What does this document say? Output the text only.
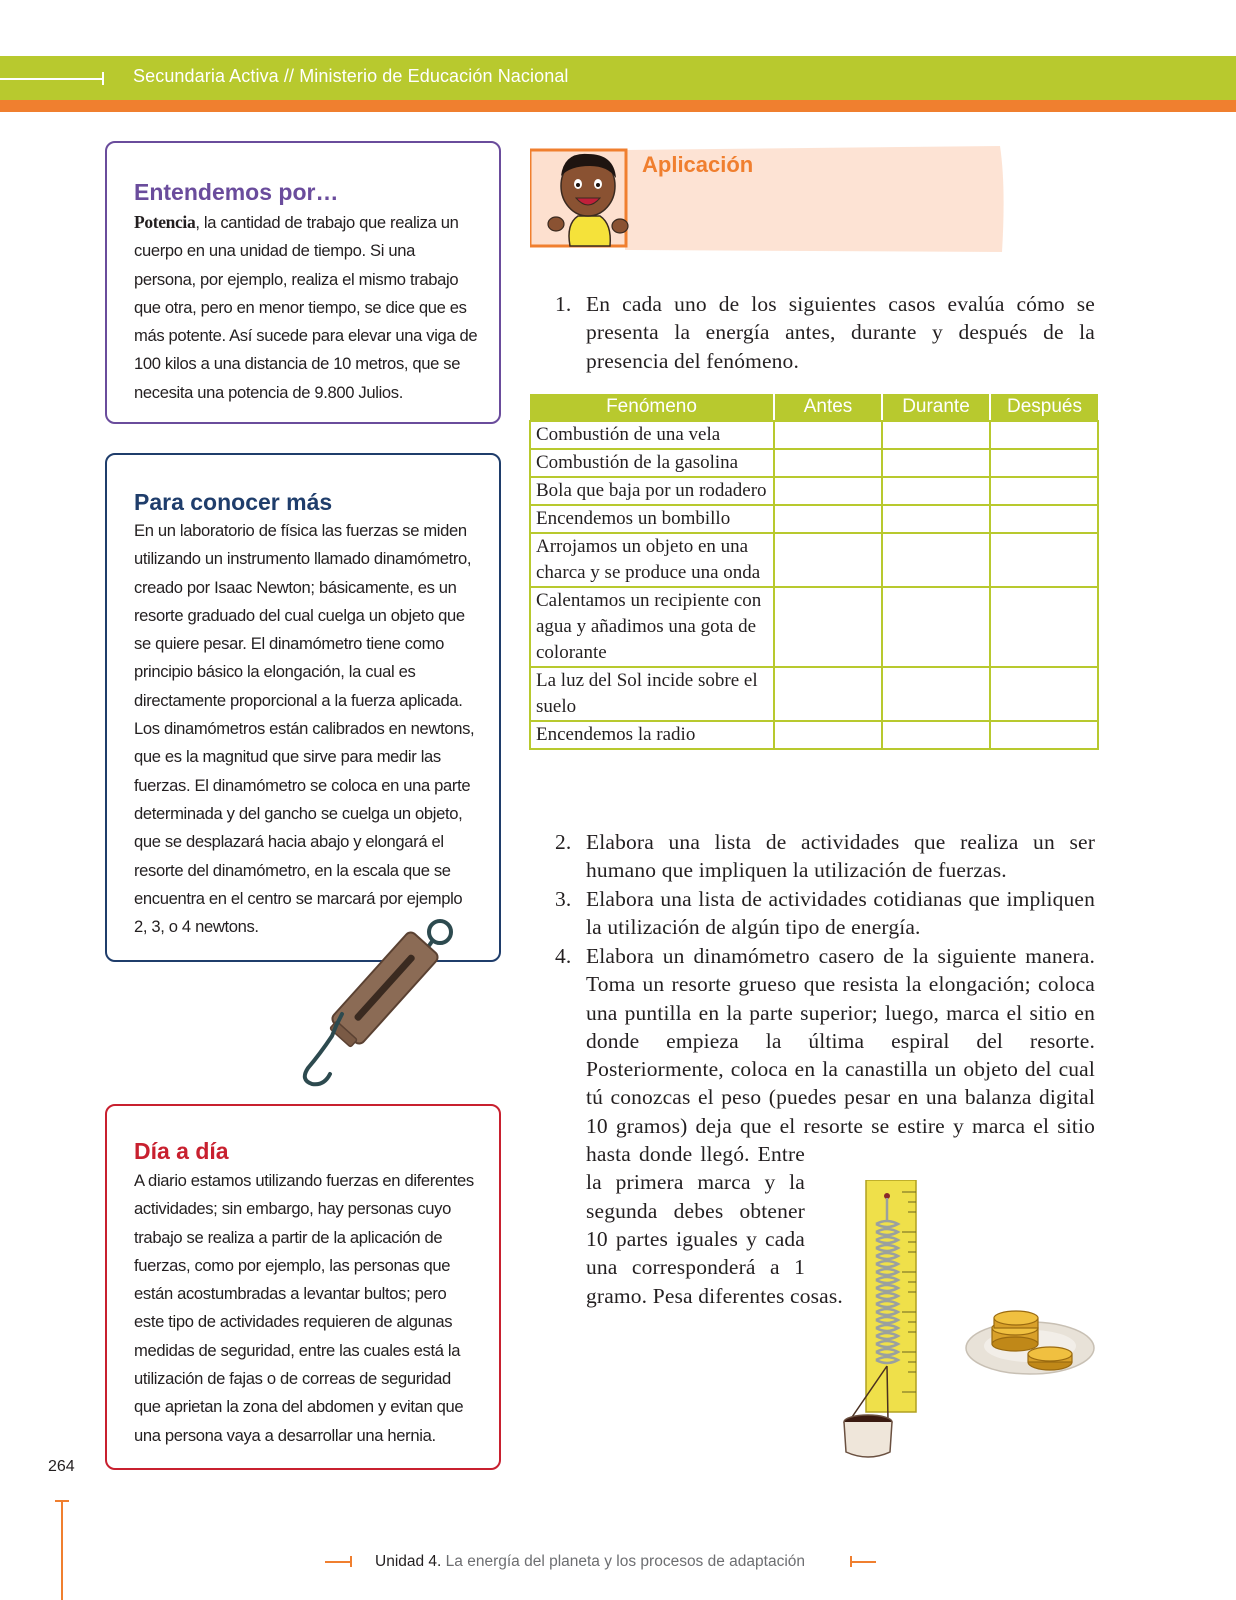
Secundaria Activa // Ministerio de Educación Nacional
Entendemos por…

Potencia, la cantidad de trabajo que realiza un cuerpo en una unidad de tiempo. Si una persona, por ejemplo, realiza el mismo trabajo que otra, pero en menor tiempo, se dice que es más potente. Así sucede para elevar una viga de 100 kilos a una distancia de 10 metros, que se necesita una potencia de 9.800 Julios.

Para conocer más

En un laboratorio de física las fuerzas se miden utilizando un instrumento llamado dinamómetro, creado por Isaac Newton; básicamente, es un resorte graduado del cual cuelga un objeto que se quiere pesar. El dinamómetro tiene como principio básico la elongación, la cual es directamente proporcional a la fuerza aplicada. Los dinamómetros están calibrados en newtons, que es la magnitud que sirve para medir las fuerzas. El dinamómetro se coloca en una parte determinada y del gancho se cuelga un objeto, que se desplazará hacia abajo y elongará el resorte del dinamómetro, en la escala que se encuentra en el centro se marcará por ejemplo 2, 3, o 4 newtons.

Día a día

A diario estamos utilizando fuerzas en diferentes actividades; sin embargo, hay personas cuyo trabajo se realiza a partir de la aplicación de fuerzas, como por ejemplo, las personas que están acostumbradas a levantar bultos; pero este tipo de actividades requieren de algunas medidas de seguridad, entre las cuales está la utilización de fajas o de correas de seguridad que aprietan la zona del abdomen y evitan que una persona vaya a desarrollar una hernia.

Aplicación
1. En cada uno de los siguientes casos evalúa cómo se presenta la energía antes, durante y después de la presencia del fenómeno.
Fenómeno	Antes	Durante	Después
Combustión de una vela			
Combustión de la gasolina			
Bola que baja por un rodadero			
Encendemos un bombillo			
Arrojamos un objeto en una charca y se produce una onda			
Calentamos un recipiente con agua y añadimos una gota de colorante			
La luz del Sol incide sobre el suelo			
Encendemos la radio			
2. Elabora una lista de actividades que realiza un ser humano que impliquen la utilización de fuerzas.
3. Elabora una lista de actividades cotidianas que impliquen la utilización de algún tipo de energía.
4. Elabora un dinamómetro casero de la siguiente manera. Toma un resorte grueso que resista la elongación; coloca una puntilla en la parte superior; luego, marca el sitio en donde empieza la última espiral del resorte. Posteriormente, coloca en la canastilla un objeto del cual tú conozcas el peso (puedes pesar en una balanza digital 10 gramos) deja que el resorte se estire y marca el sitio hasta donde llegó. Entre la primera marca y la segunda debes obtener 10 partes iguales y cada una corresponderá a 1 gramo. Pesa diferentes cosas.
264
Unidad 4. La energía del planeta y los procesos de adaptación
